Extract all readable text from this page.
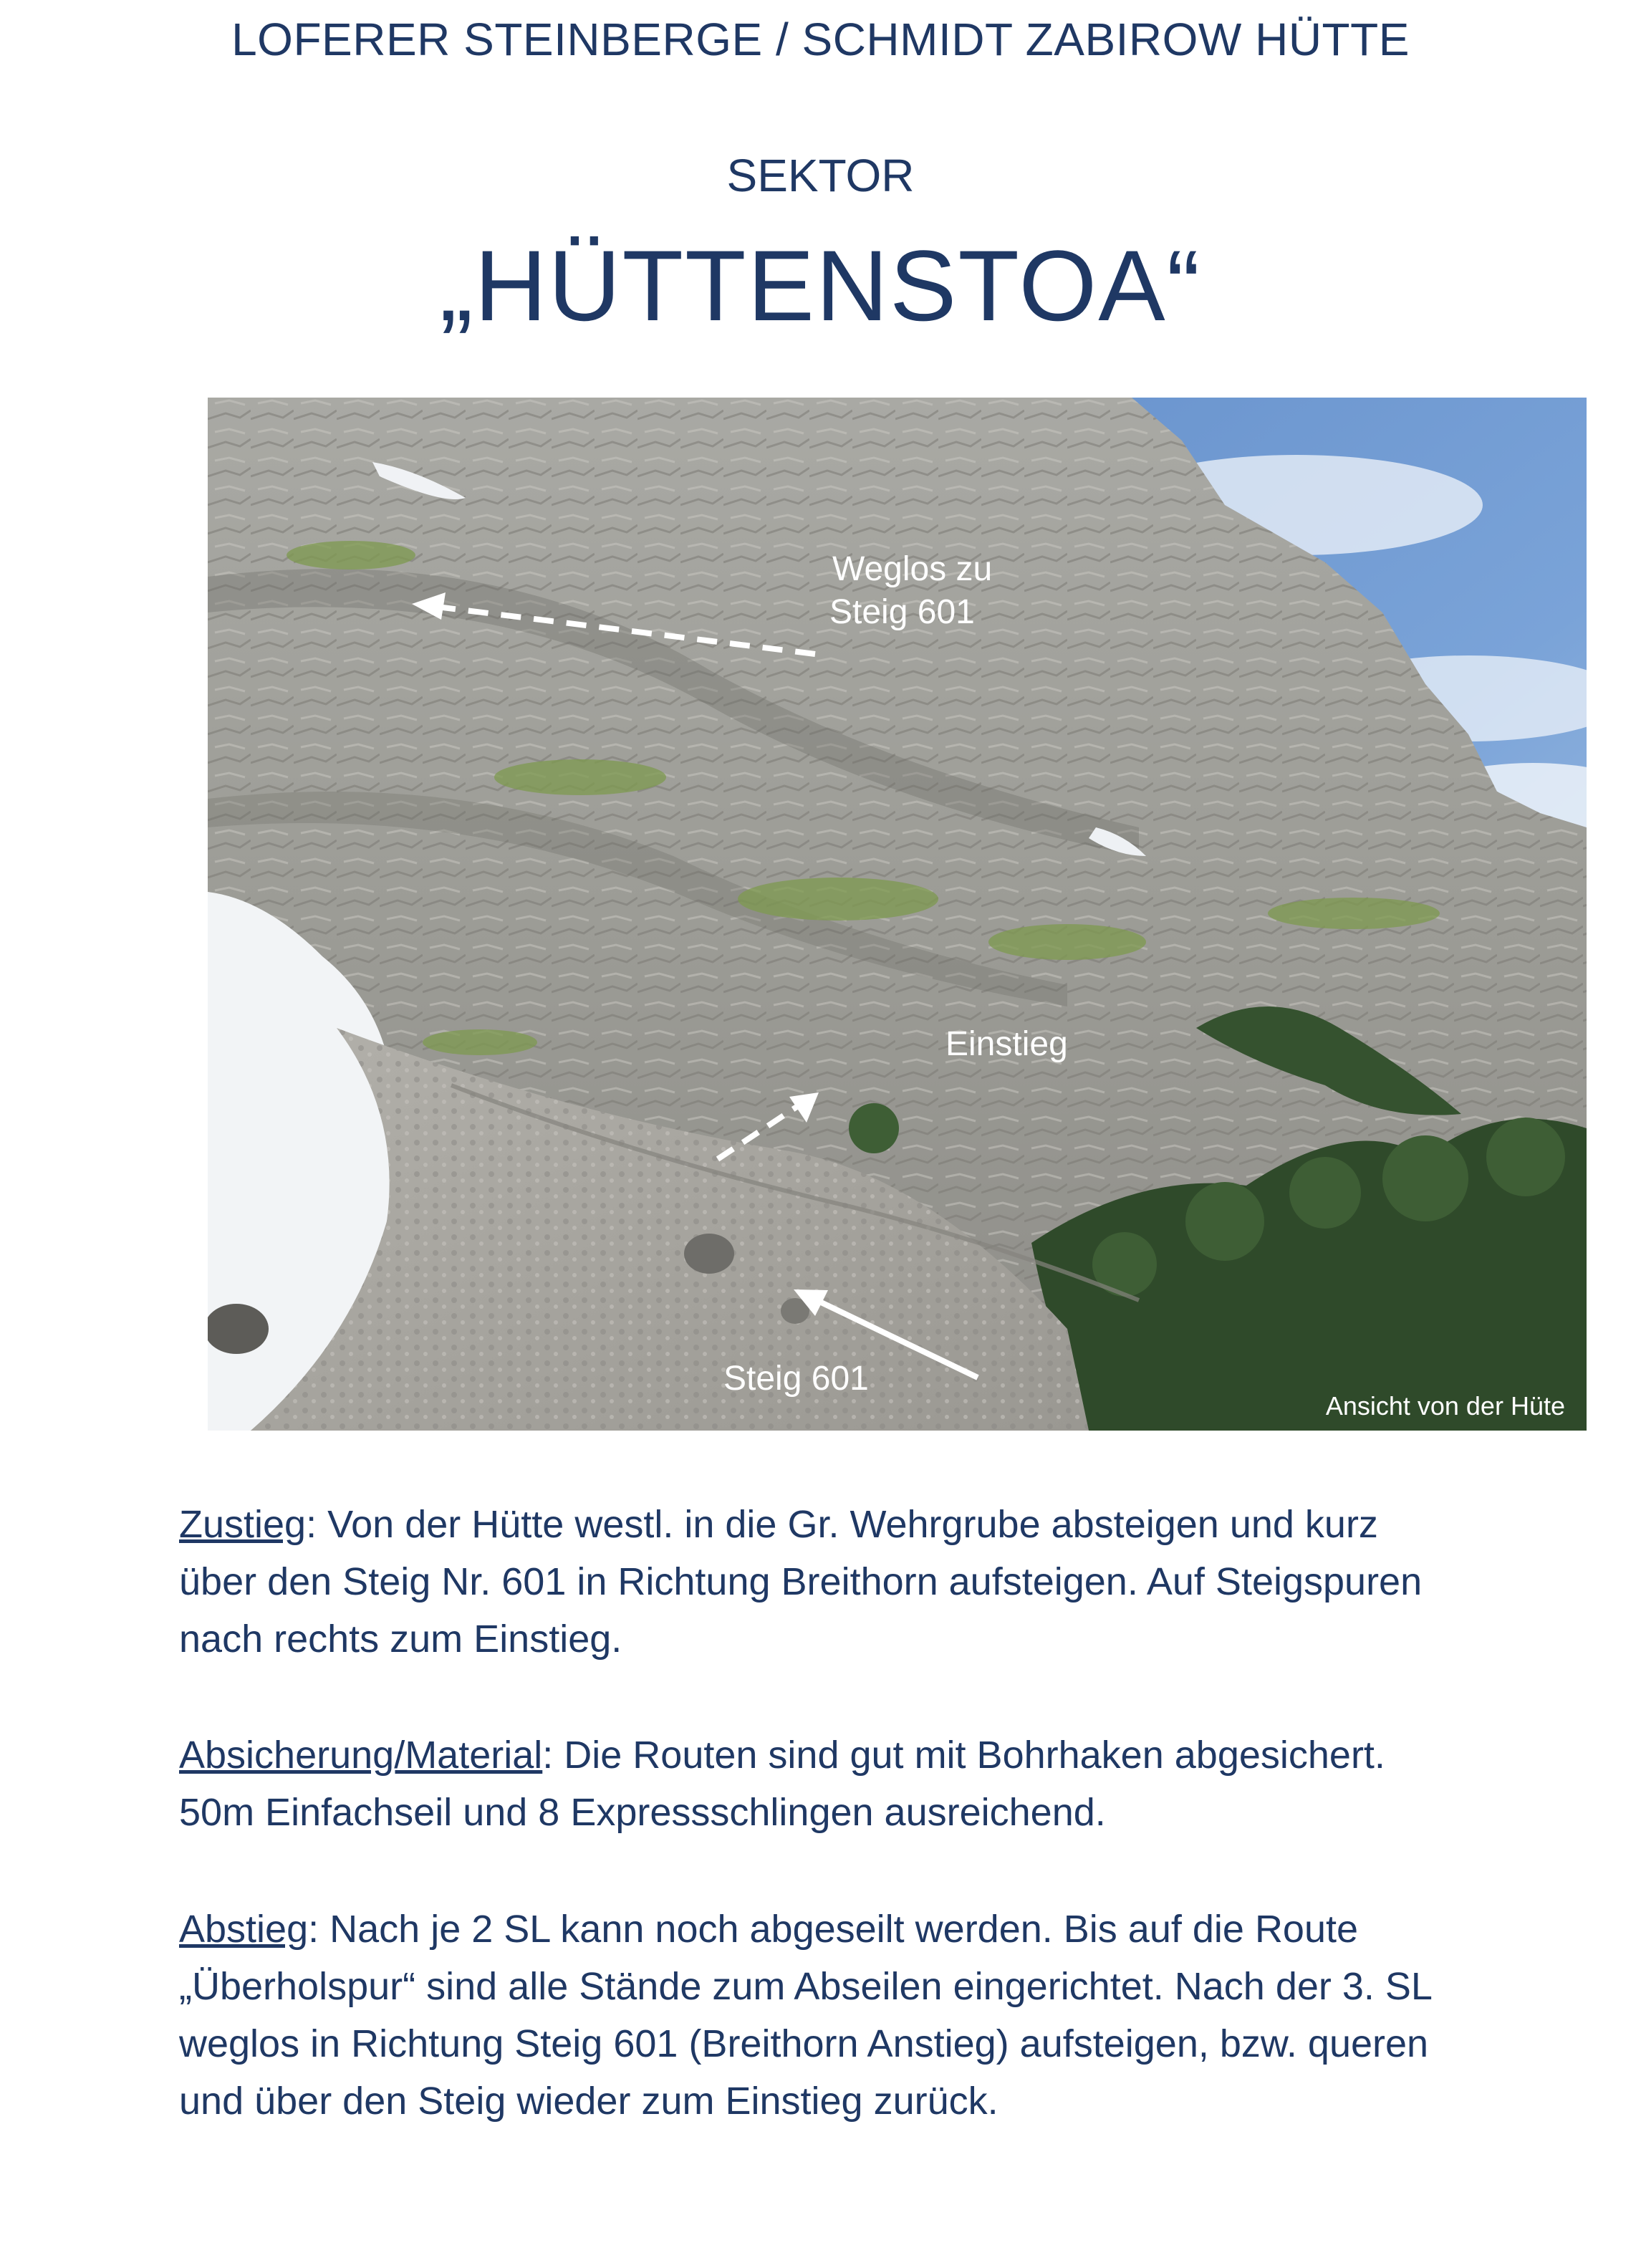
LOFERER STEINBERGE / SCHMIDT ZABIROW HÜTTE
SEKTOR
„HÜTTENSTOA“
Weglos zu
Steig 601
Einstieg
Steig 601
Ansicht von der Hüte

Zustieg: Von der Hütte westl. in die Gr. Wehrgrube absteigen und kurz
über den Steig Nr. 601 in Richtung Breithorn aufsteigen. Auf Steigspuren
nach rechts zum Einstieg.

Absicherung/Material: Die Routen sind gut mit Bohrhaken abgesichert.
50m Einfachseil und 8 Expressschlingen ausreichend.

Abstieg: Nach je 2 SL kann noch abgeseilt werden. Bis auf die Route
„Überholspur“ sind alle Stände zum Abseilen eingerichtet. Nach der 3. SL
weglos in Richtung Steig 601 (Breithorn Anstieg) aufsteigen, bzw. queren
und über den Steig wieder zum Einstieg zurück.
